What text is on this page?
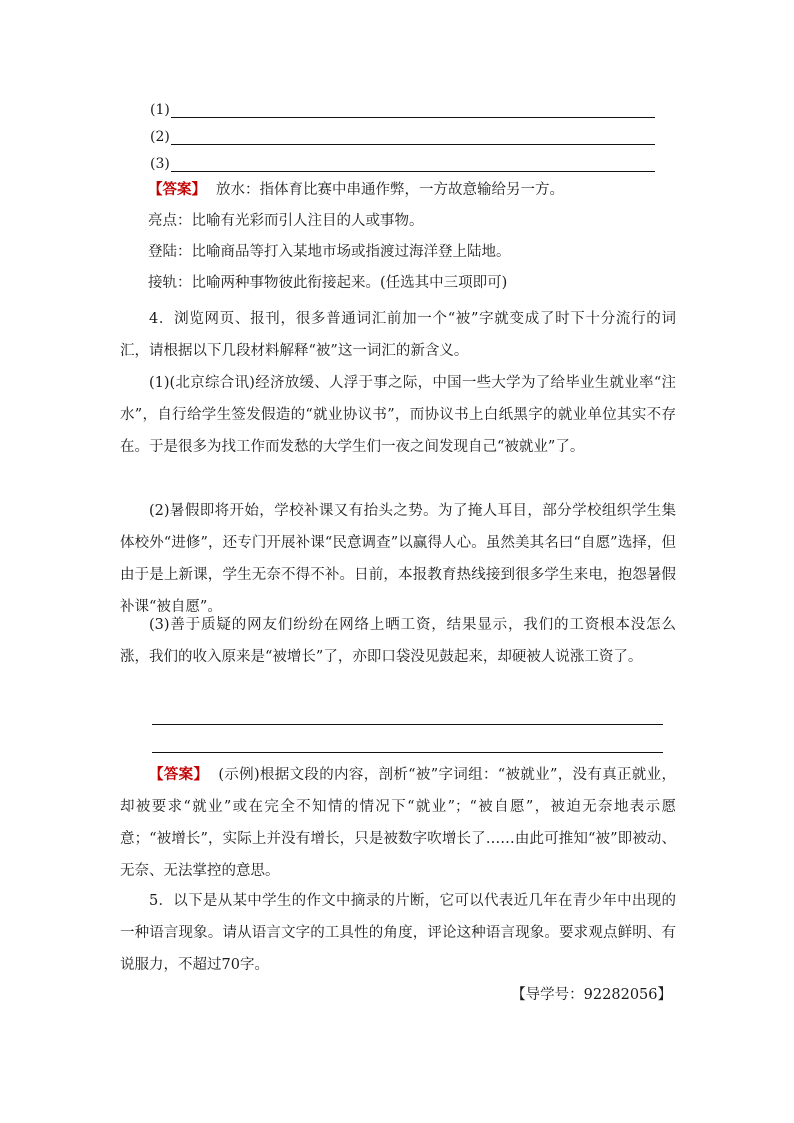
(1)
(2)
(3)
【答案】 放水：指体育比赛中串通作弊，一方故意输给另一方。
亮点：比喻有光彩而引人注目的人或事物。
登陆：比喻商品等打入某地市场或指渡过海洋登上陆地。
接轨：比喻两种事物彼此衔接起来。(任选其中三项即可)
4．浏览网页、报刊，很多普通词汇前加一个“被”字就变成了时下十分流行的词汇，请根据以下几段材料解释“被”这一词汇的新含义。
(1)(北京综合讯)经济放缓、人浮于事之际，中国一些大学为了给毕业生就业率“注水”，自行给学生签发假造的“就业协议书”，而协议书上白纸黑字的就业单位其实不存在。于是很多为找工作而发愁的大学生们一夜之间发现自己“被就业”了。
(2)暑假即将开始，学校补课又有抬头之势。为了掩人耳目，部分学校组织学生集体校外“进修”，还专门开展补课“民意调查”以赢得人心。虽然美其名曰“自愿”选择，但由于是上新课，学生无奈不得不补。日前，本报教育热线接到很多学生来电，抱怨暑假补课“被自愿”。
(3)善于质疑的网友们纷纷在网络上晒工资，结果显示，我们的工资根本没怎么涨，我们的收入原来是“被增长”了，亦即口袋没见鼓起来，却硬被人说涨工资了。
【答案】 (示例)根据文段的内容，剖析“被”字词组：“被就业”，没有真正就业，却被要求“就业”或在完全不知情的情况下“就业”；“被自愿”，被迫无奈地表示愿意；“被增长”，实际上并没有增长，只是被数字吹增长了……由此可推知“被”即被动、无奈、无法掌控的意思。
5．以下是从某中学生的作文中摘录的片断，它可以代表近几年在青少年中出现的一种语言现象。请从语言文字的工具性的角度，评论这种语言现象。要求观点鲜明、有说服力，不超过70字。
【导学号：92282056】
